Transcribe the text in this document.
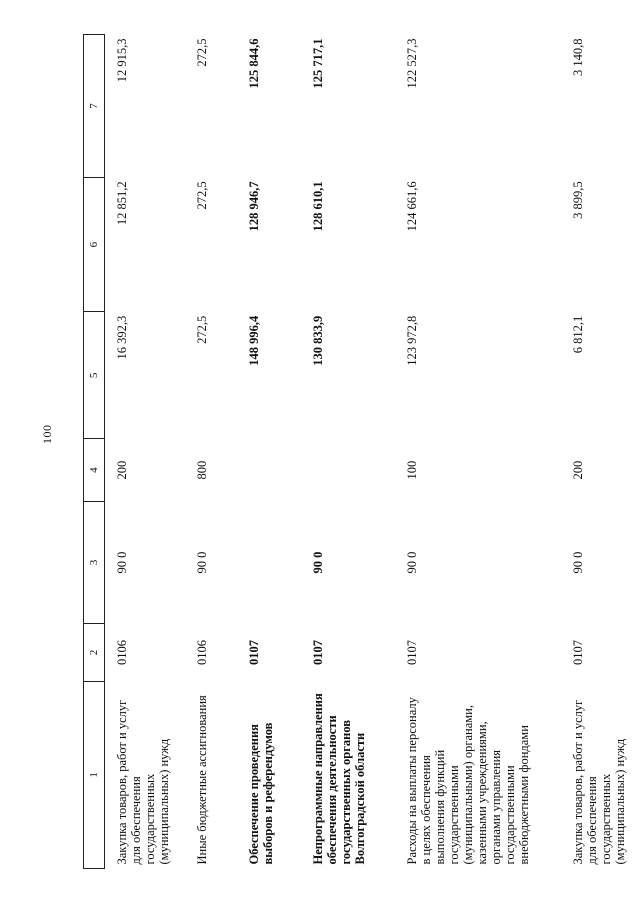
100
1	2	3	4	5	6	7
Закупка товаров, работ и услуг для обеспечения государственных (муниципальных) нужд	0106	90 0	200	16 392,3	12 851,2	12 915,3
Иные бюджетные ассигнования	0106	90 0	800	272,5	272,5	272,5
Обеспечение проведения выборов и референдумов	0107			148 996,4	128 946,7	125 844,6
Непрограммные направления обеспечения деятельности государственных органов Волгоградской области	0107	90 0		130 833,9	128 610,1	125 717,1
Расходы на выплаты персоналу в целях обеспечения выполнения функций государственными (муниципальными) органами, казенными учреждениями, органами управления государственными внебюджетными фондами	0107	90 0	100	123 972,8	124 661,6	122 527,3
Закупка товаров, работ и услуг для обеспечения государственных (муниципальных) нужд	0107	90 0	200	6 812,1	3 899,5	3 140,8
